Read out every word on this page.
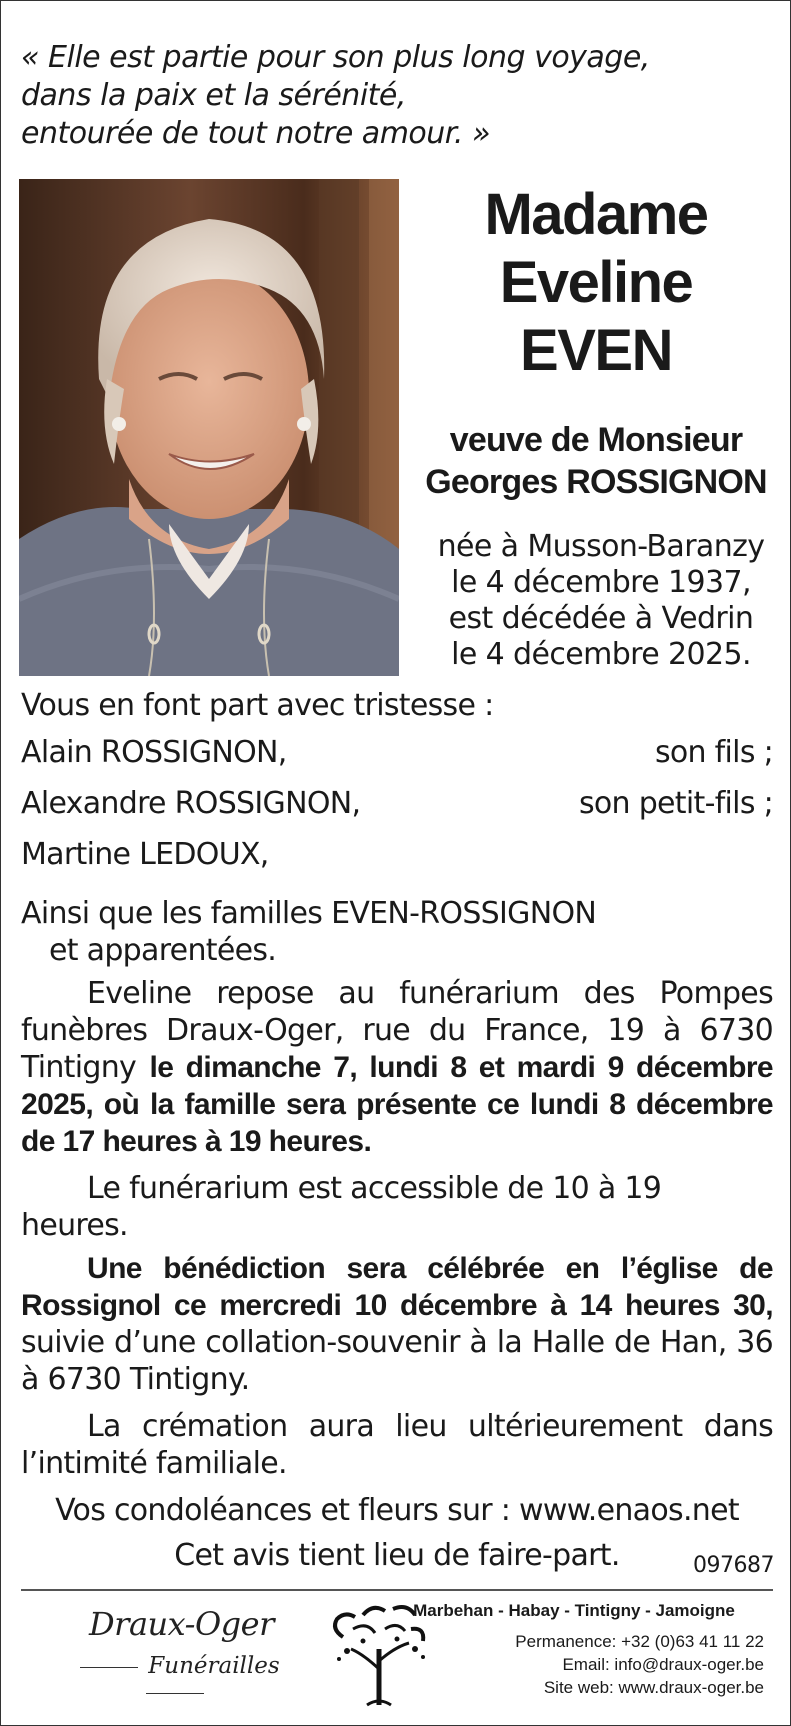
« Elle est partie pour son plus long voyage,
dans la paix et la sérénité,
entourée de tout notre amour. »
Madame
Eveline
EVEN
veuve de Monsieur
Georges ROSSIGNON
née à Musson-Baranzy
le 4 décembre 1937,
est décédée à Vedrin
le 4 décembre 2025.
Vous en font part avec tristesse :
Alain ROSSIGNON,	son fils ;
Alexandre ROSSIGNON,	son petit-fils ;
Martine LEDOUX,
Ainsi que les familles EVEN-ROSSIGNON
et apparentées.

Eveline repose au funérarium des Pompes funèbres Draux-Oger, rue du France, 19 à 6730 Tintigny le dimanche 7, lundi 8 et mardi 9 décembre 2025, où la famille sera présente ce lundi 8 décembre de 17 heures à 19 heures.

Le funérarium est accessible de 10 à 19 heures.

Une bénédiction sera célébrée en l’église de Rossignol ce mercredi 10 décembre à 14 heures 30, suivie d’une collation-souvenir à la Halle de Han, 36 à 6730 Tintigny.

La crémation aura lieu ultérieurement dans l’intimité familiale.

Vos condoléances et fleurs sur : www.enaos.net
Cet avis tient lieu de faire-part.	097687
Draux-Oger
Funérailles
Marbehan - Habay - Tintigny - Jamoigne
Permanence: +32 (0)63 41 11 22
Email: info@draux-oger.be
Site web: www.draux-oger.be
